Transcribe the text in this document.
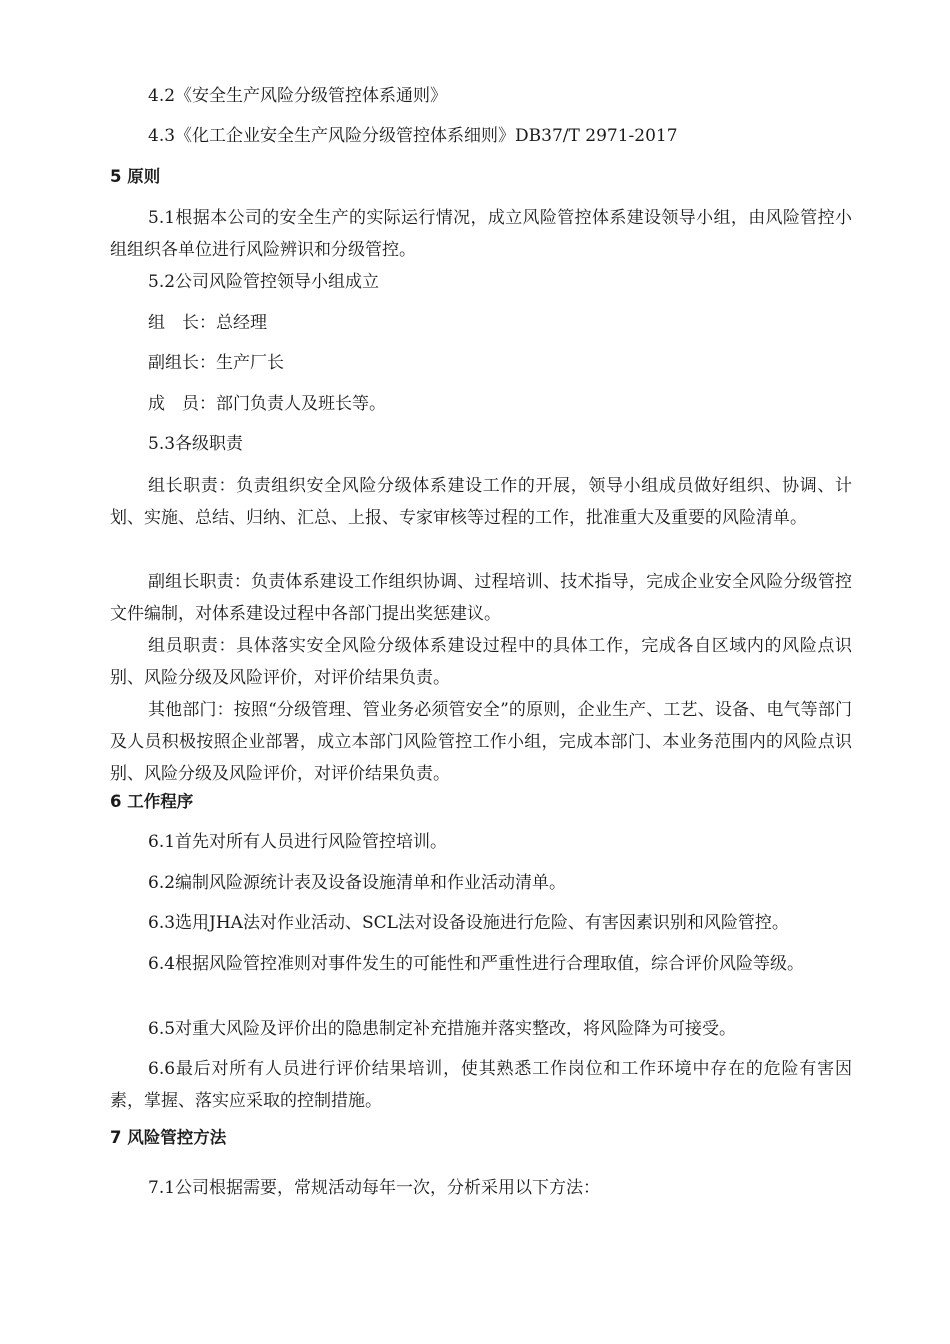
4.2《安全生产风险分级管控体系通则》
4.3《化工企业安全生产风险分级管控体系细则》DB37/T 2971-2017
5 原则
5.1根据本公司的安全生产的实际运行情况，成立风险管控体系建设领导小组，由风险管控小组组织各单位进行风险辨识和分级管控。
5.2公司风险管控领导小组成立
组　长：总经理
副组长：生产厂长
成　员：部门负责人及班长等。
5.3各级职责
组长职责：负责组织安全风险分级体系建设工作的开展，领导小组成员做好组织、协调、计划、实施、总结、归纳、汇总、上报、专家审核等过程的工作，批准重大及重要的风险清单。
副组长职责：负责体系建设工作组织协调、过程培训、技术指导，完成企业安全风险分级管控文件编制，对体系建设过程中各部门提出奖惩建议。
组员职责：具体落实安全风险分级体系建设过程中的具体工作，完成各自区域内的风险点识别、风险分级及风险评价，对评价结果负责。
其他部门：按照“分级管理、管业务必须管安全”的原则，企业生产、工艺、设备、电气等部门及人员积极按照企业部署，成立本部门风险管控工作小组，完成本部门、本业务范围内的风险点识别、风险分级及风险评价，对评价结果负责。
6 工作程序
6.1首先对所有人员进行风险管控培训。
6.2编制风险源统计表及设备设施清单和作业活动清单。
6.3选用JHA法对作业活动、SCL法对设备设施进行危险、有害因素识别和风险管控。
6.4根据风险管控准则对事件发生的可能性和严重性进行合理取值，综合评价风险等级。
6.5对重大风险及评价出的隐患制定补充措施并落实整改，将风险降为可接受。
6.6最后对所有人员进行评价结果培训，使其熟悉工作岗位和工作环境中存在的危险有害因素，掌握、落实应采取的控制措施。
7 风险管控方法
7.1公司根据需要，常规活动每年一次，分析采用以下方法：
